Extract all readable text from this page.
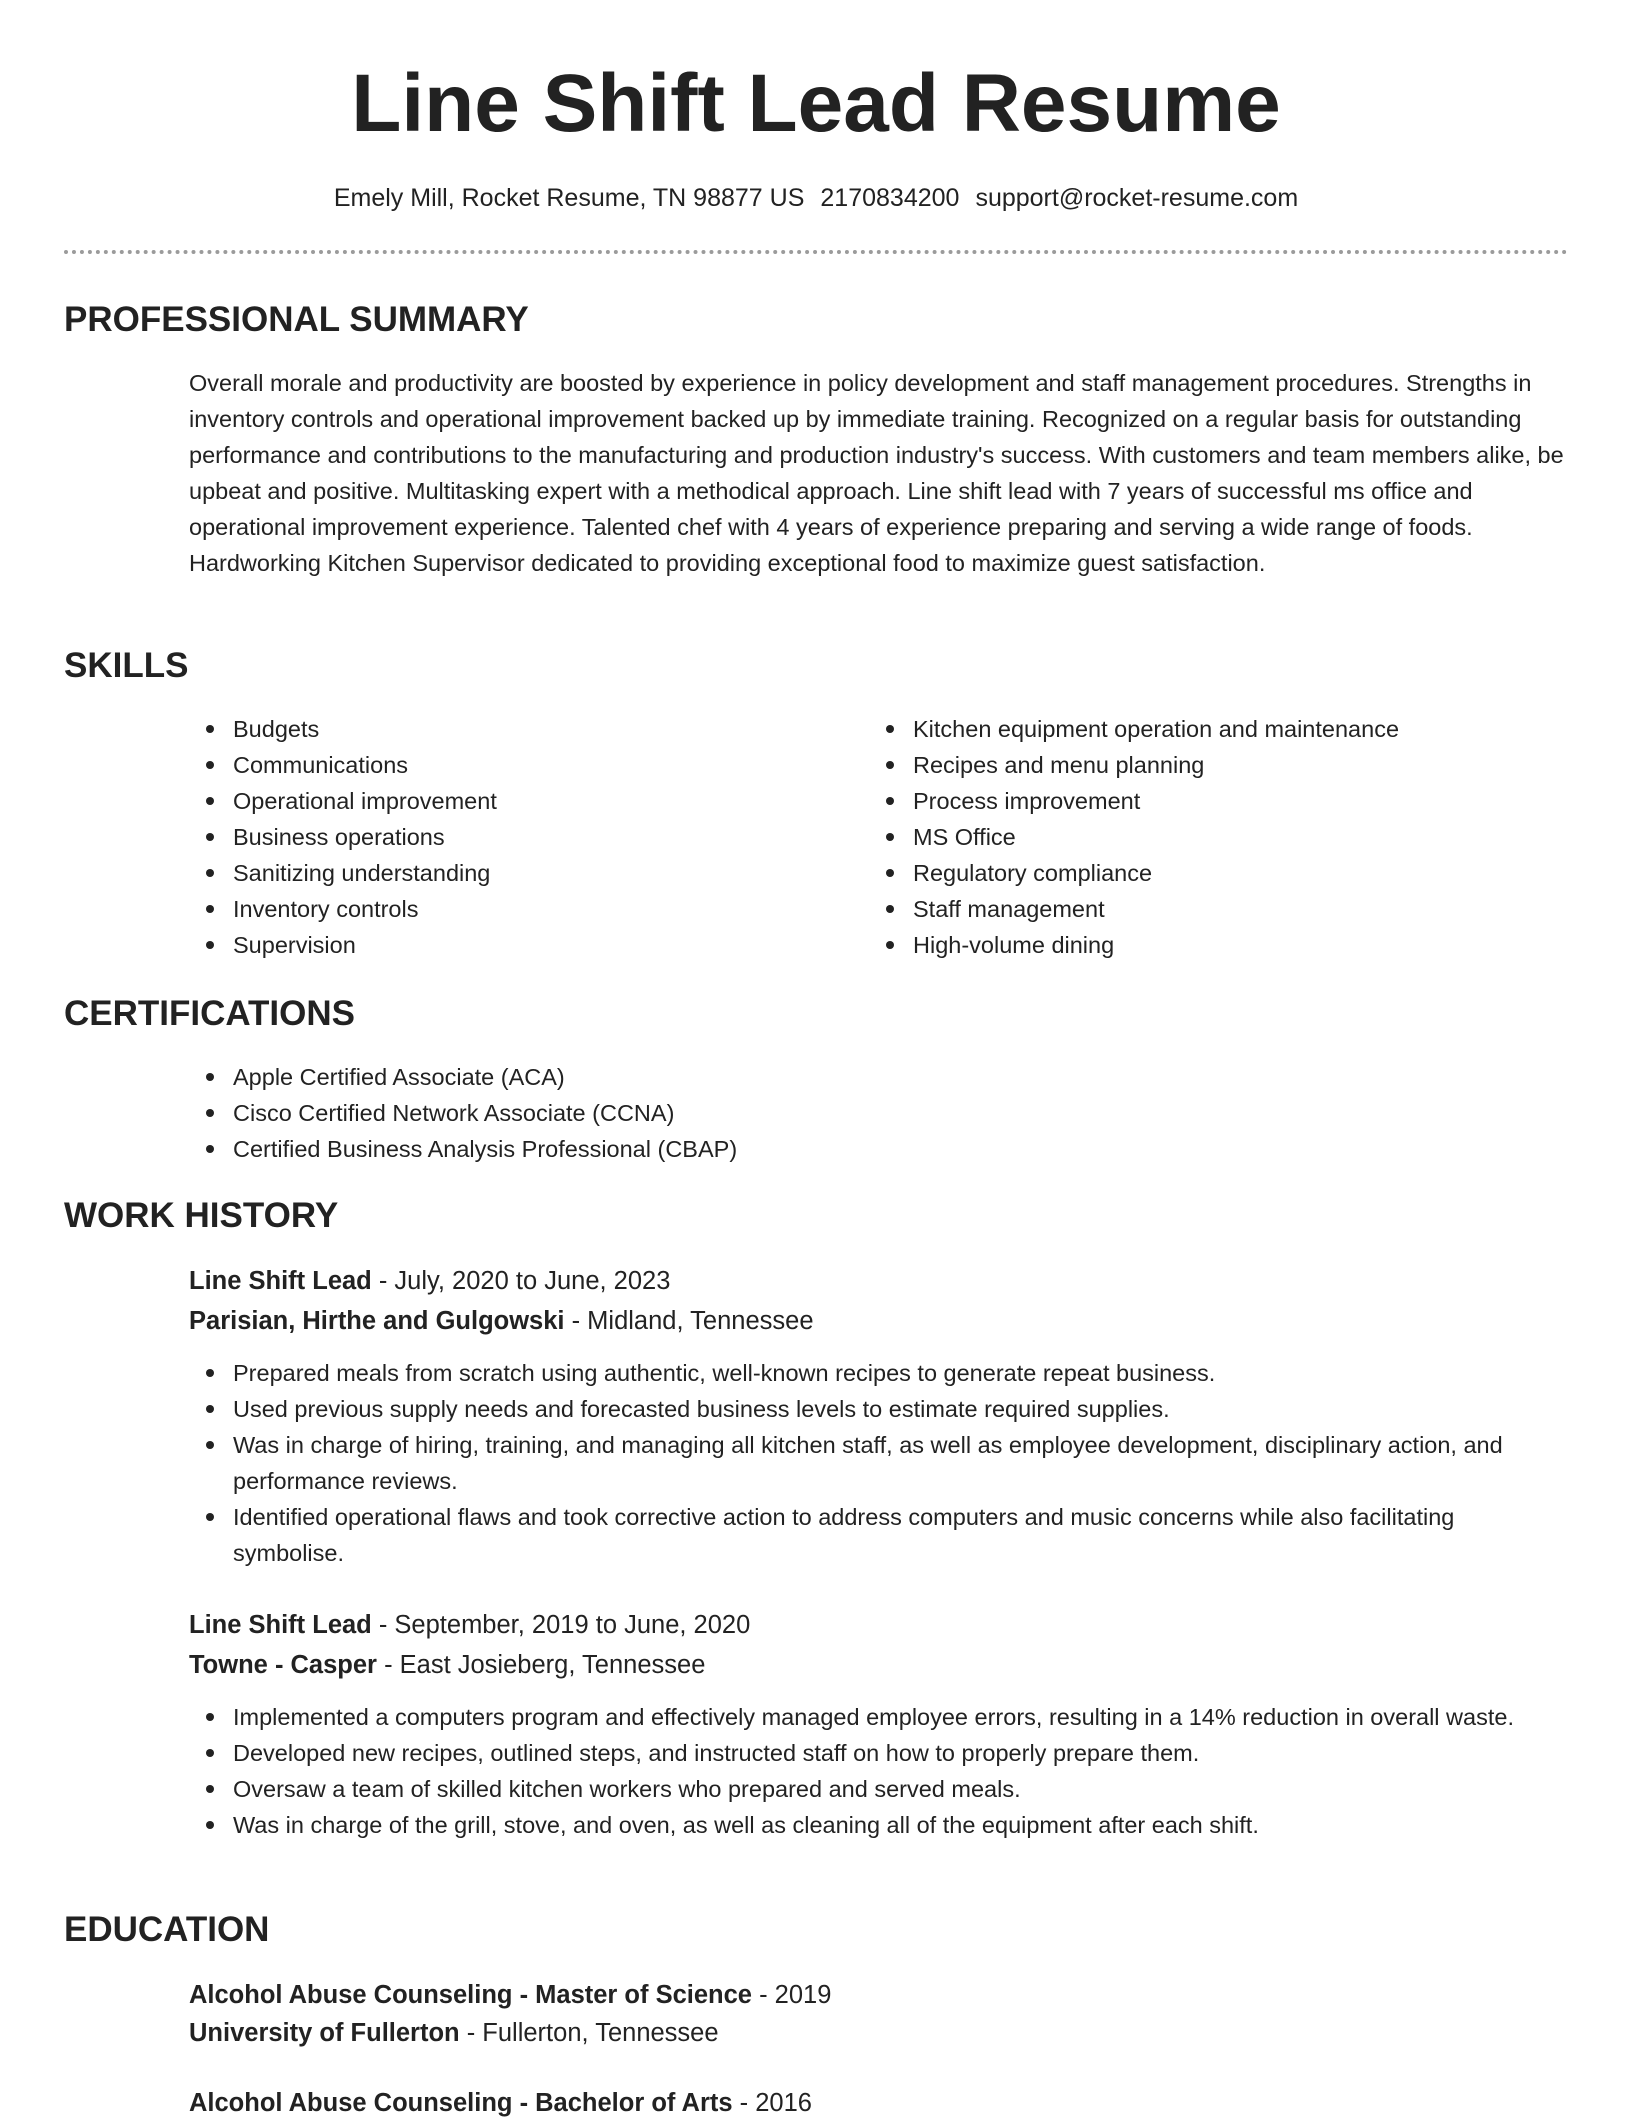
Line Shift Lead Resume
Emely Mill, Rocket Resume, TN 98877 US 2170834200 support@rocket-resume.com
PROFESSIONAL SUMMARY
Overall morale and productivity are boosted by experience in policy development and staff management procedures. Strengths in inventory controls and operational improvement backed up by immediate training. Recognized on a regular basis for outstanding performance and contributions to the manufacturing and production industry's success. With customers and team members alike, be upbeat and positive. Multitasking expert with a methodical approach. Line shift lead with 7 years of successful ms office and operational improvement experience. Talented chef with 4 years of experience preparing and serving a wide range of foods. Hardworking Kitchen Supervisor dedicated to providing exceptional food to maximize guest satisfaction.
SKILLS
Budgets
Communications
Operational improvement
Business operations
Sanitizing understanding
Inventory controls
Supervision
Kitchen equipment operation and maintenance
Recipes and menu planning
Process improvement
MS Office
Regulatory compliance
Staff management
High-volume dining
CERTIFICATIONS
Apple Certified Associate (ACA)
Cisco Certified Network Associate (CCNA)
Certified Business Analysis Professional (CBAP)
WORK HISTORY
Line Shift Lead - July, 2020 to June, 2023
Parisian, Hirthe and Gulgowski - Midland, Tennessee
Prepared meals from scratch using authentic, well-known recipes to generate repeat business.
Used previous supply needs and forecasted business levels to estimate required supplies.
Was in charge of hiring, training, and managing all kitchen staff, as well as employee development, disciplinary action, and performance reviews.
Identified operational flaws and took corrective action to address computers and music concerns while also facilitating symbolise.
Line Shift Lead - September, 2019 to June, 2020
Towne - Casper - East Josieberg, Tennessee
Implemented a computers program and effectively managed employee errors, resulting in a 14% reduction in overall waste.
Developed new recipes, outlined steps, and instructed staff on how to properly prepare them.
Oversaw a team of skilled kitchen workers who prepared and served meals.
Was in charge of the grill, stove, and oven, as well as cleaning all of the equipment after each shift.
EDUCATION
Alcohol Abuse Counseling - Master of Science - 2019
University of Fullerton - Fullerton, Tennessee
Alcohol Abuse Counseling - Bachelor of Arts - 2016
